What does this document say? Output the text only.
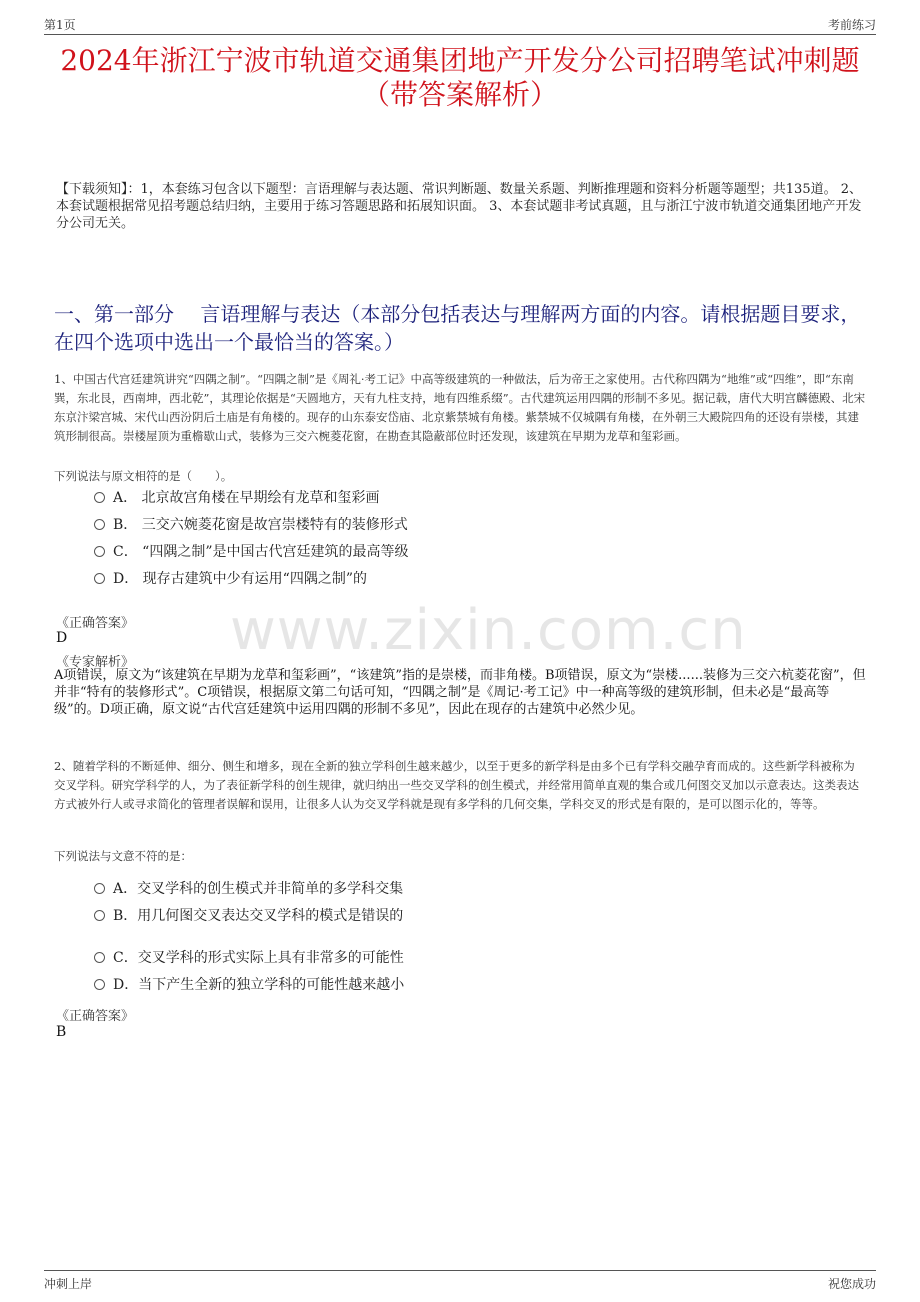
第1页	考前练习
2024年浙江宁波市轨道交通集团地产开发分公司招聘笔试冲刺题（带答案解析）
【下载须知】：1，本套练习包含以下题型：言语理解与表达题、常识判断题、数量关系题、判断推理题和资料分析题等题型；共135道。 2、本套试题根据常见招考题总结归纳，主要用于练习答题思路和拓展知识面。 3、本套试题非考试真题，且与浙江宁波市轨道交通集团地产开发分公司无关。
一、第一部分　 言语理解与表达（本部分包括表达与理解两方面的内容。请根据题目要求，在四个选项中选出一个最恰当的答案。）
1、中国古代宫廷建筑讲究“四隅之制”。“四隅之制”是《周礼·考工记》中高等级建筑的一种做法，后为帝王之家使用。古代称四隅为“地维”或“四维”，即“东南巽，东北艮，西南坤，西北乾”，其理论依据是“天圆地方，天有九柱支持，地有四维系缀”。古代建筑运用四隅的形制不多见。据记载，唐代大明宫麟德殿、北宋东京汴梁宫城、宋代山西汾阴后土庙是有角楼的。现存的山东泰安岱庙、北京紫禁城有角楼。紫禁城不仅城隅有角楼，在外朝三大殿院四角的还设有崇楼，其建筑形制很高。崇楼屋顶为重檐歇山式，装修为三交六椀菱花窗，在勘查其隐蔽部位时还发现，该建筑在早期为龙草和玺彩画。
下列说法与原文相符的是（　　）。
A． 北京故宫角楼在早期绘有龙草和玺彩画
B． 三交六婉菱花窗是故宫崇楼特有的装修形式
C． “四隅之制”是中国古代宫廷建筑的最高等级
D． 现存古建筑中少有运用“四隅之制”的
www.zixin.com.cn
《正确答案》
D
《专家解析》
A项错误，原文为“该建筑在早期为龙草和玺彩画”，“该建筑”指的是崇楼，而非角楼。B项错误，原文为“崇楼......装修为三交六杭菱花窗”，但并非“特有的装修形式”。C项错误，根据原文第二句话可知，“四隅之制”是《周记·考工记》中一种高等级的建筑形制，但未必是“最高等级”的。D项正确，原文说“古代宫廷建筑中运用四隅的形制不多见”，因此在现存的古建筑中必然少见。
2、随着学科的不断延伸、细分、侧生和增多，现在全新的独立学科创生越来越少，以至于更多的新学科是由多个已有学科交融孕育而成的。这些新学科被称为交叉学科。研究学科学的人，为了表征新学科的创生规律，就归纳出一些交叉学科的创生模式，并经常用简单直观的集合或几何图交叉加以示意表达。这类表达方式被外行人或寻求简化的管理者误解和误用，让很多人认为交叉学科就是现有多学科的几何交集，学科交叉的形式是有限的，是可以图示化的，等等。
下列说法与文意不符的是：
A．交叉学科的创生模式并非简单的多学科交集
B．用几何图交叉表达交叉学科的模式是错误的
C．交叉学科的形式实际上具有非常多的可能性
D．当下产生全新的独立学科的可能性越来越小
《正确答案》
B
冲刺上岸	祝您成功
